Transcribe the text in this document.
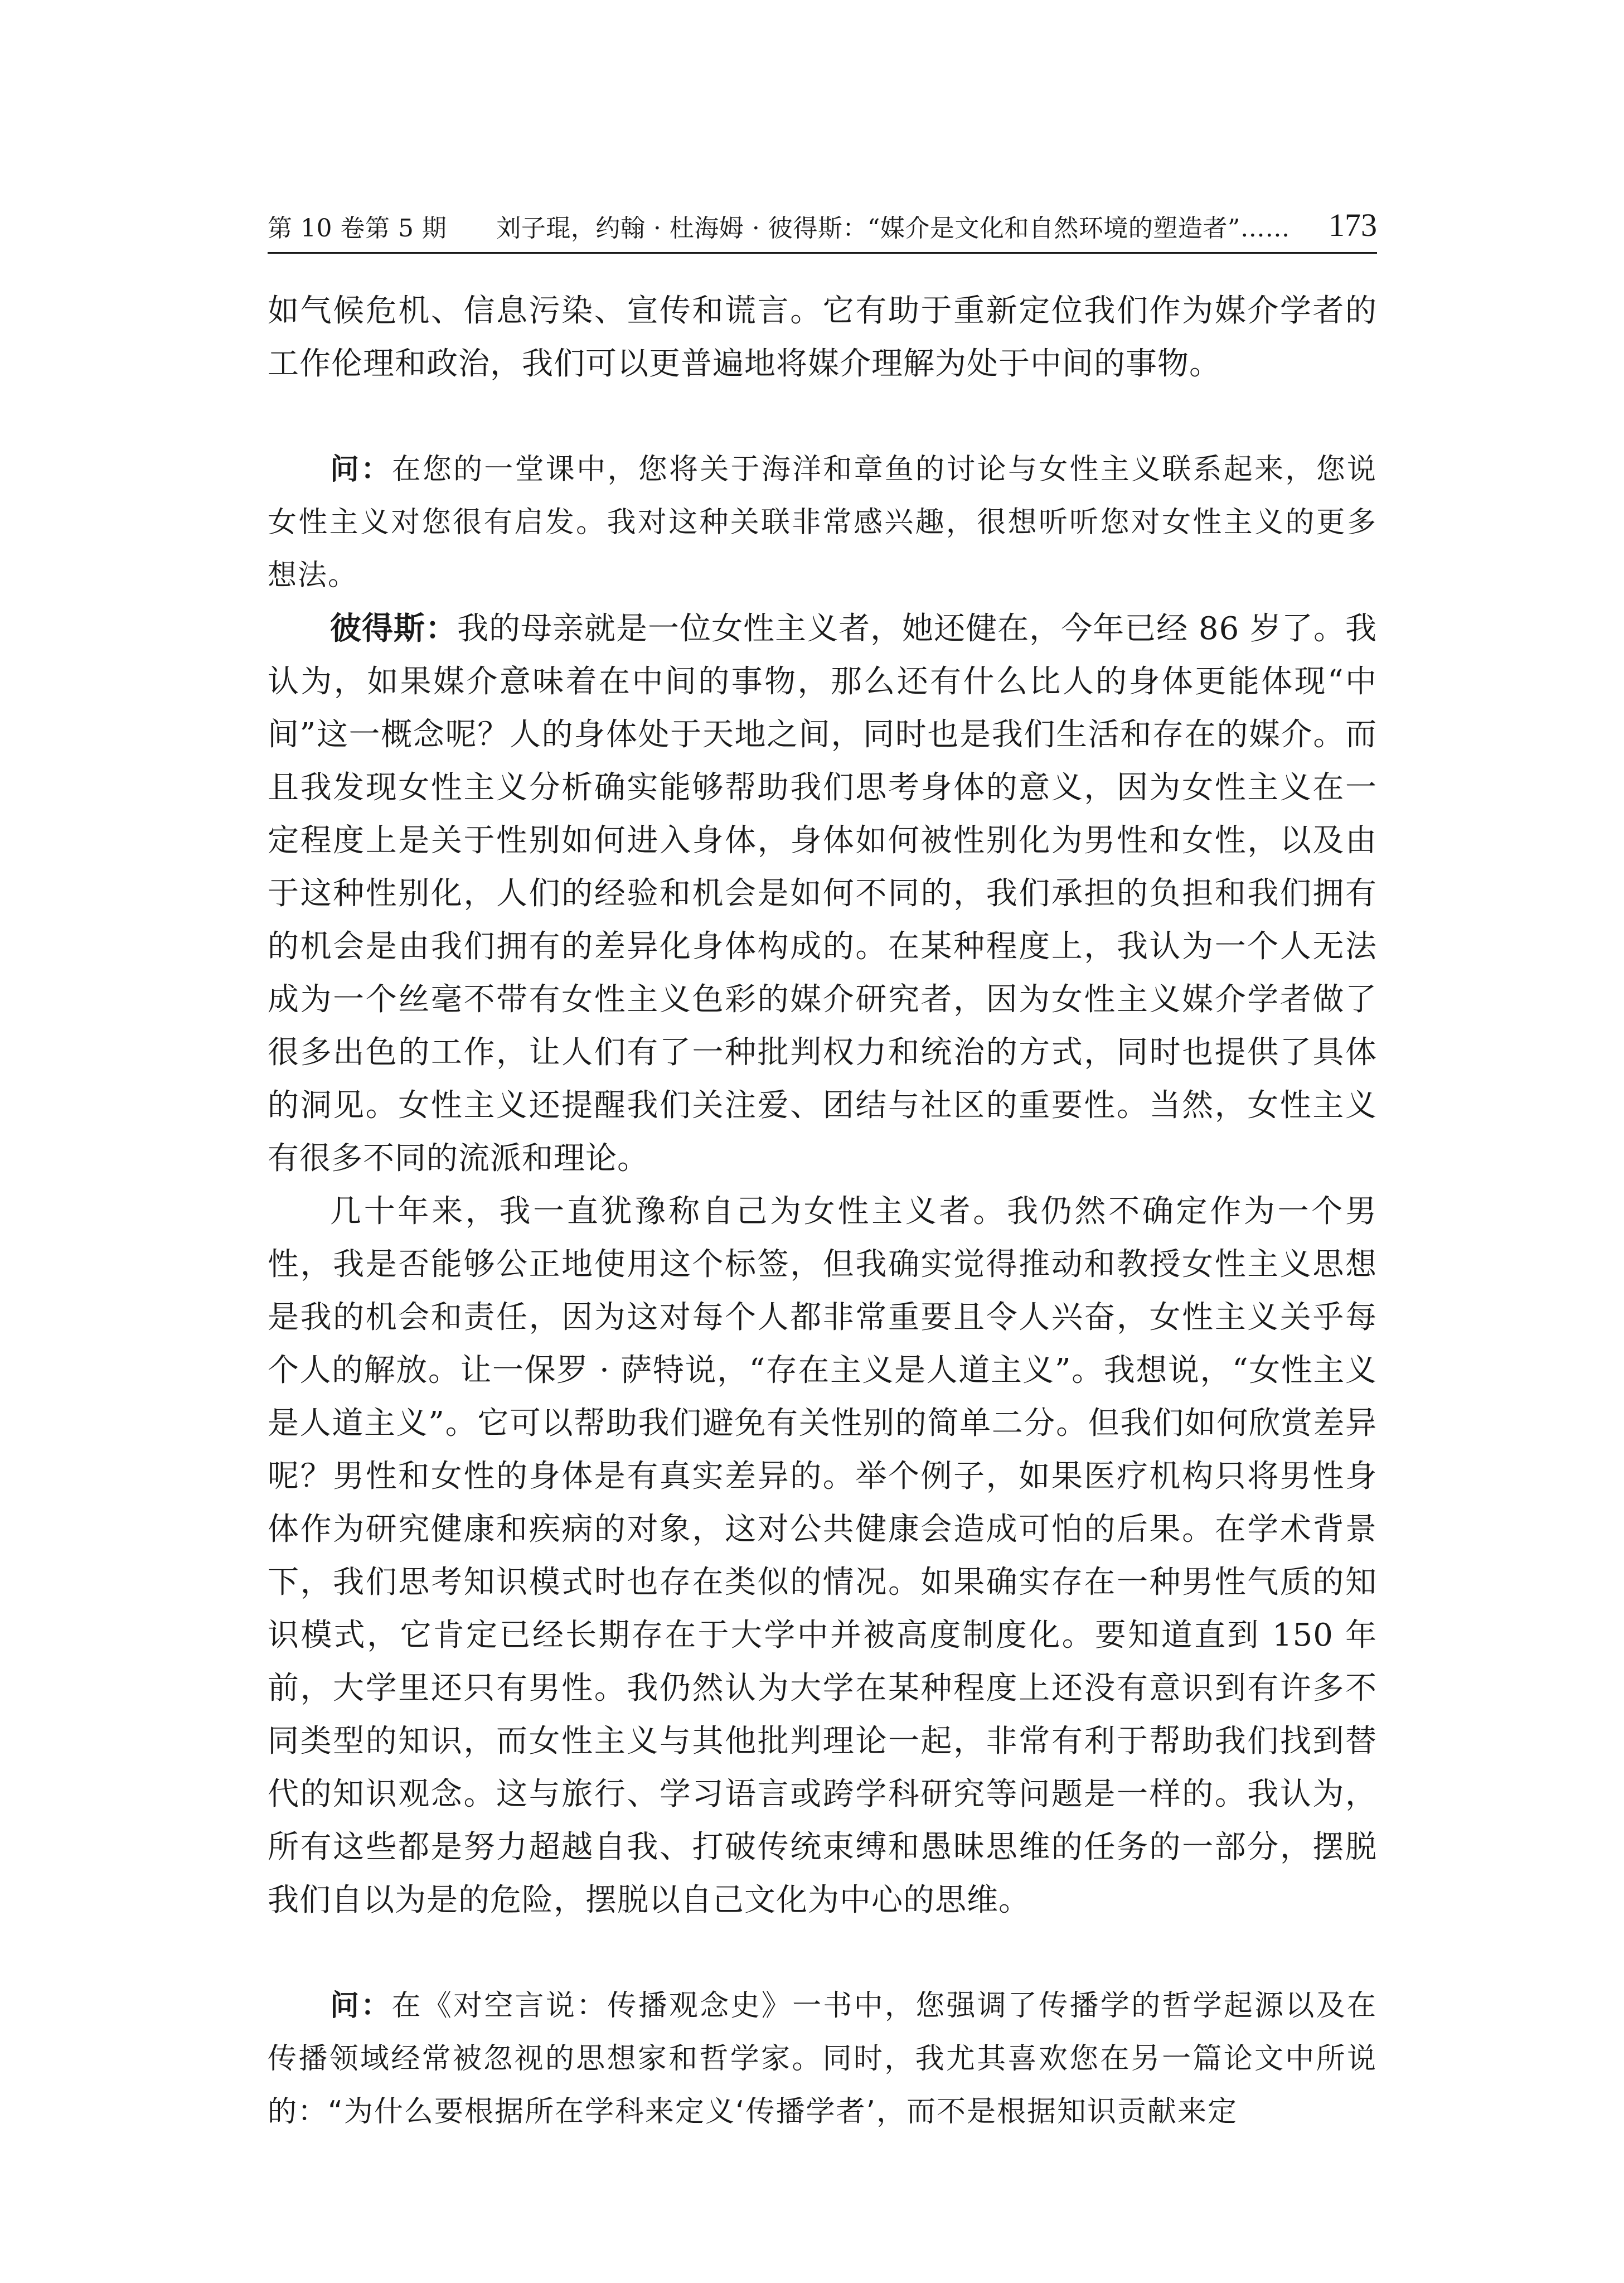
第 10 卷第 5 期　　刘子琨，约翰 · 杜海姆 · 彼得斯：“媒介是文化和自然环境的塑造者”…… 173

如气候危机、信息污染、宣传和谎言。它有助于重新定位我们作为媒介学者的工作伦理和政治，我们可以更普遍地将媒介理解为处于中间的事物。

问：在您的一堂课中，您将关于海洋和章鱼的讨论与女性主义联系起来，您说女性主义对您很有启发。我对这种关联非常感兴趣，很想听听您对女性主义的更多想法。

彼得斯：我的母亲就是一位女性主义者，她还健在，今年已经 86 岁了。我认为，如果媒介意味着在中间的事物，那么还有什么比人的身体更能体现“中间”这一概念呢？人的身体处于天地之间，同时也是我们生活和存在的媒介。而且我发现女性主义分析确实能够帮助我们思考身体的意义，因为女性主义在一定程度上是关于性别如何进入身体，身体如何被性别化为男性和女性，以及由于这种性别化，人们的经验和机会是如何不同的，我们承担的负担和我们拥有的机会是由我们拥有的差异化身体构成的。在某种程度上，我认为一个人无法成为一个丝毫不带有女性主义色彩的媒介研究者，因为女性主义媒介学者做了很多出色的工作，让人们有了一种批判权力和统治的方式，同时也提供了具体的洞见。女性主义还提醒我们关注爱、团结与社区的重要性。当然，女性主义有很多不同的流派和理论。

几十年来，我一直犹豫称自己为女性主义者。我仍然不确定作为一个男性，我是否能够公正地使用这个标签，但我确实觉得推动和教授女性主义思想是我的机会和责任，因为这对每个人都非常重要且令人兴奋，女性主义关乎每个人的解放。让一保罗 · 萨特说，“存在主义是人道主义”。我想说，“女性主义是人道主义”。它可以帮助我们避免有关性别的简单二分。但我们如何欣赏差异呢？男性和女性的身体是有真实差异的。举个例子，如果医疗机构只将男性身体作为研究健康和疾病的对象，这对公共健康会造成可怕的后果。在学术背景下，我们思考知识模式时也存在类似的情况。如果确实存在一种男性气质的知识模式，它肯定已经长期存在于大学中并被高度制度化。要知道直到 150 年前，大学里还只有男性。我仍然认为大学在某种程度上还没有意识到有许多不同类型的知识，而女性主义与其他批判理论一起，非常有利于帮助我们找到替代的知识观念。这与旅行、学习语言或跨学科研究等问题是一样的。我认为，所有这些都是努力超越自我、打破传统束缚和愚昧思维的任务的一部分，摆脱我们自以为是的危险，摆脱以自己文化为中心的思维。

问：在《对空言说：传播观念史》一书中，您强调了传播学的哲学起源以及在传播领域经常被忽视的思想家和哲学家。同时，我尤其喜欢您在另一篇论文中所说的：“为什么要根据所在学科来定义‘传播学者’，而不是根据知识贡献来定
